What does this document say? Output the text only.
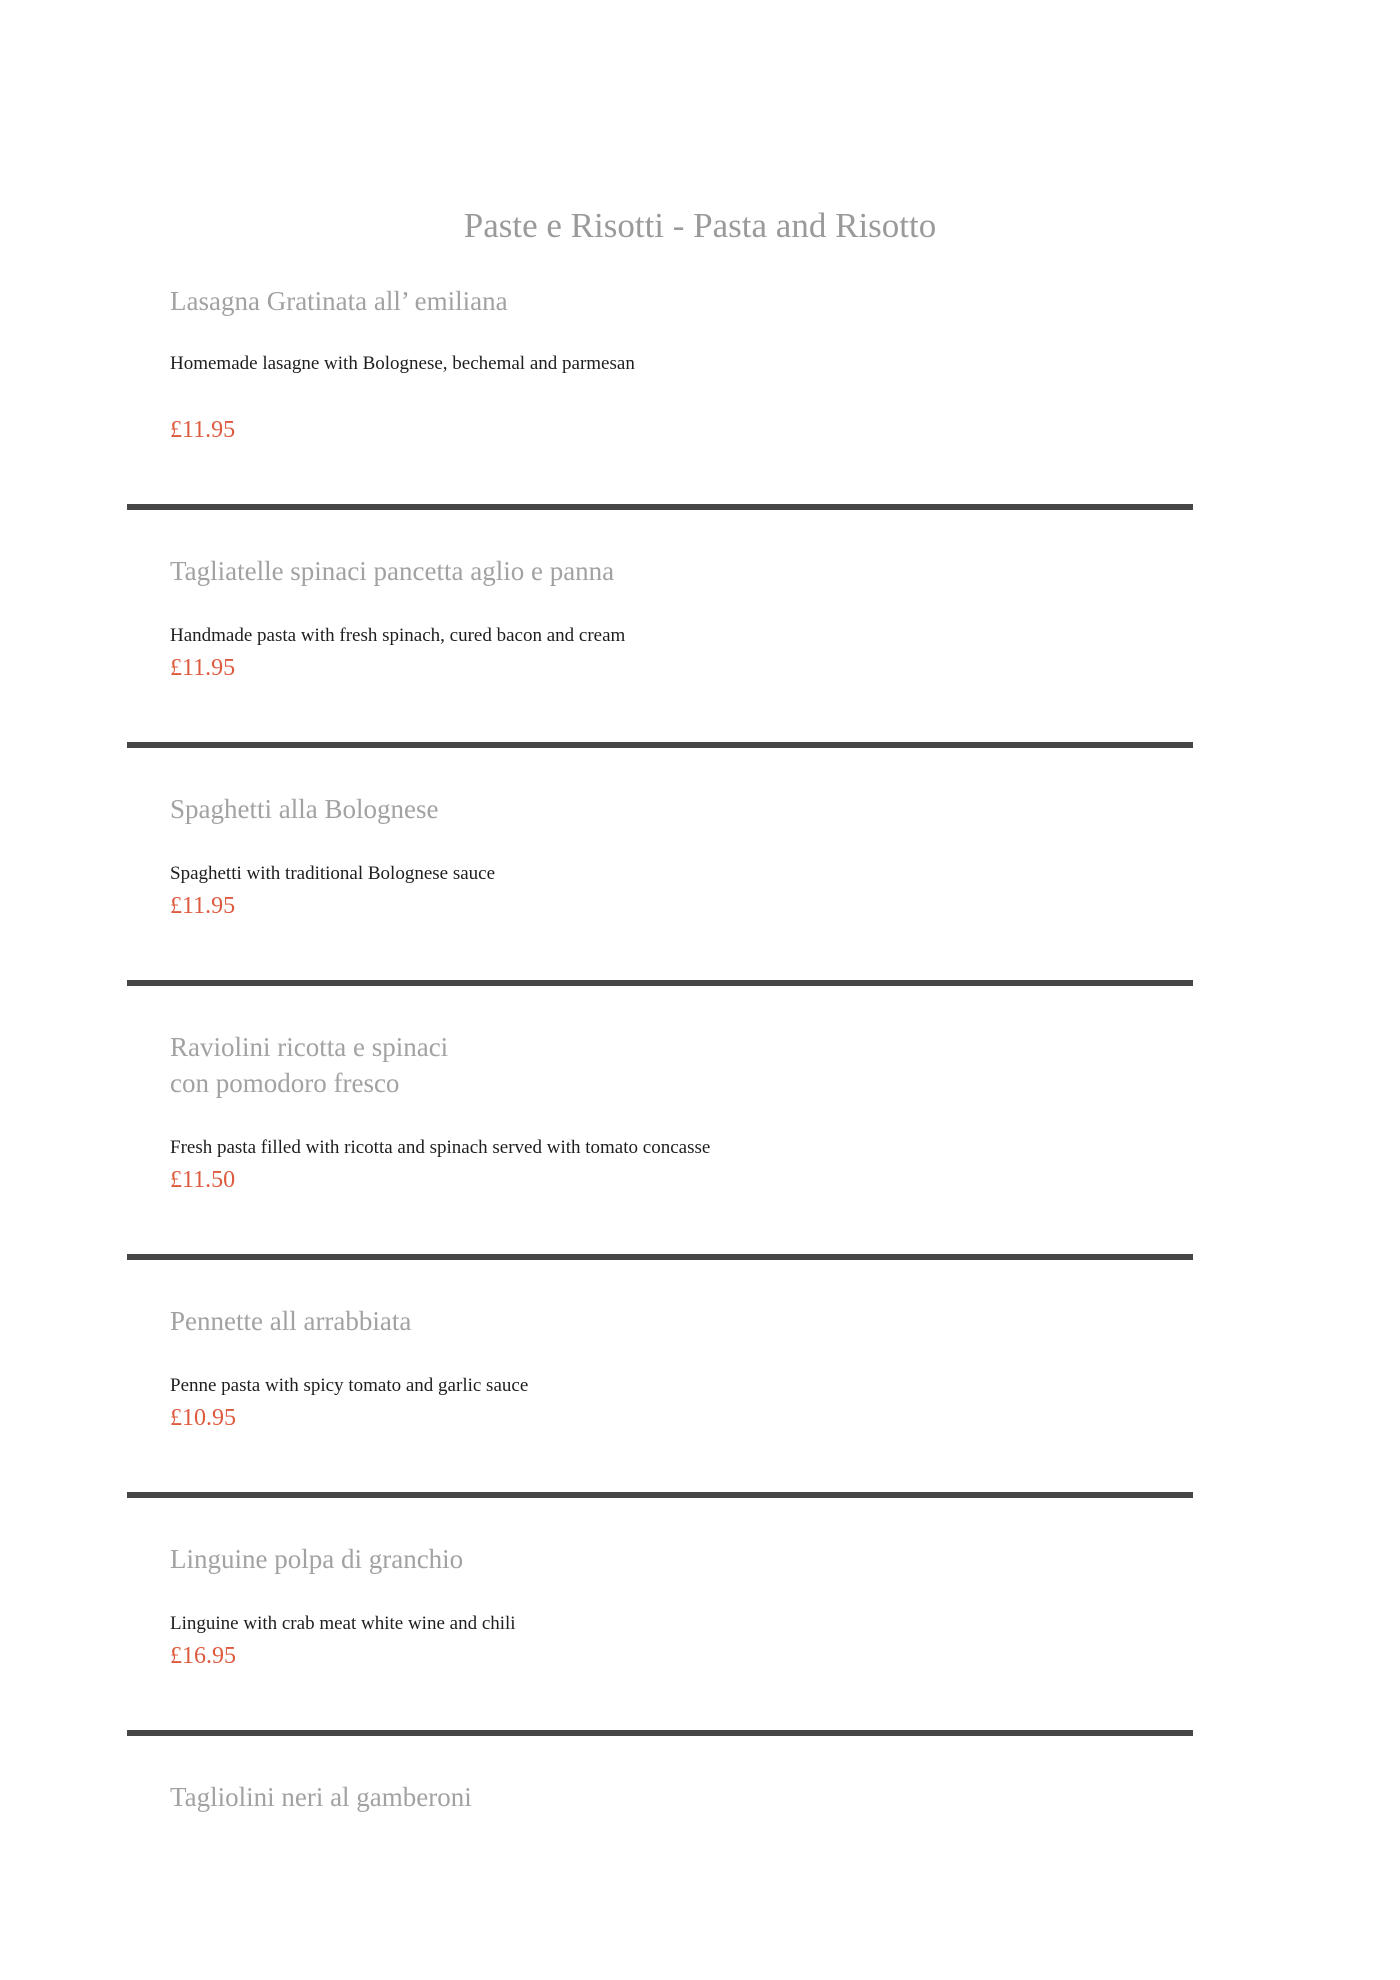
Paste e Risotti - Pasta and Risotto
Lasagna Gratinata all’ emiliana

Homemade lasagne with Bolognese, bechemal and parmesan

£11.95

Tagliatelle spinaci pancetta aglio e panna

Handmade pasta with fresh spinach, cured bacon and cream

£11.95

Spaghetti alla Bolognese

Spaghetti with traditional Bolognese sauce

£11.95

Raviolini ricotta e spinaci
con pomodoro fresco

Fresh pasta filled with ricotta and spinach served with tomato concasse

£11.50

Pennette all arrabbiata

Penne pasta with spicy tomato and garlic sauce

£10.95

Linguine polpa di granchio

Linguine with crab meat white wine and chili

£16.95

Tagliolini neri al gamberoni
